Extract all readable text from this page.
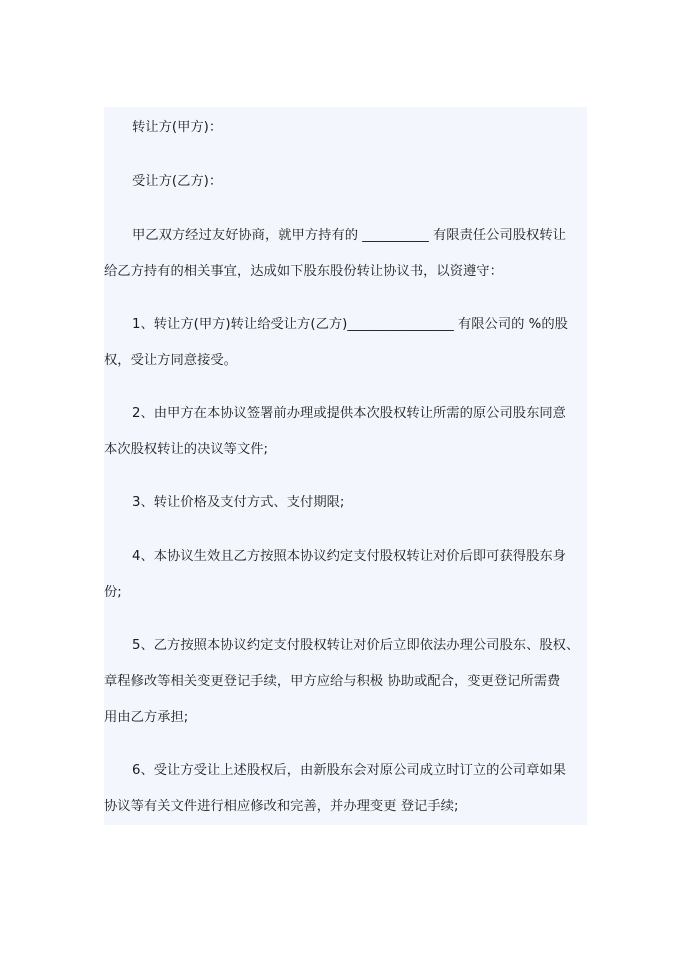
转让方(甲方)：
受让方(乙方)：
甲乙双方经过友好协商，就甲方持有的 __________ 有限责任公司股权转让
给乙方持有的相关事宜，达成如下股东股份转让协议书，以资遵守：
1、转让方(甲方)转让给受让方(乙方)________________ 有限公司的 %的股
权，受让方同意接受。
2、由甲方在本协议签署前办理或提供本次股权转让所需的原公司股东同意
本次股权转让的决议等文件;
3、转让价格及支付方式、支付期限;
4、本协议生效且乙方按照本协议约定支付股权转让对价后即可获得股东身
份;
5、乙方按照本协议约定支付股权转让对价后立即依法办理公司股东、股权、
章程修改等相关变更登记手续，甲方应给与积极 协助或配合，变更登记所需费
用由乙方承担;
6、受让方受让上述股权后，由新股东会对原公司成立时订立的公司章如果
协议等有关文件进行相应修改和完善，并办理变更 登记手续;
